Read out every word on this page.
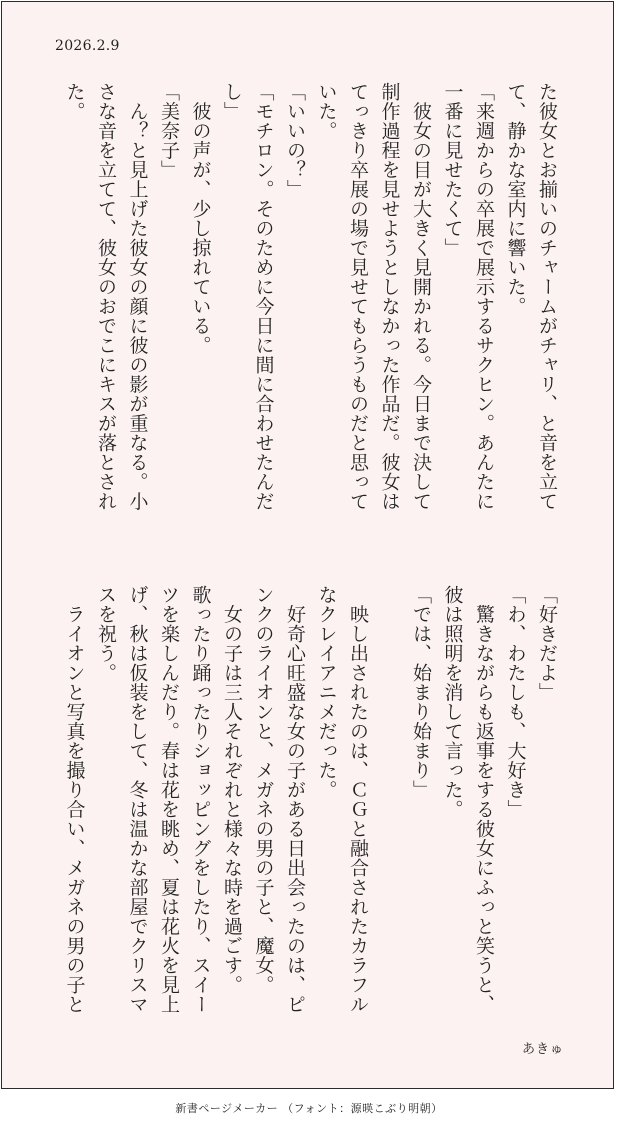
2026.2.9
た彼女とお揃いのチャームがチャリ、と音を立て
て、静かな室内に響いた。
「来週からの卒展で展示するサクヒン。あんたに
一番に見せたくて」
　彼女の目が大きく見開かれる。今日まで決して
制作過程を見せようとしなかった作品だ。彼女は
てっきり卒展の場で見せてもらうものだと思って
いた。
「いいの？」
「モチロン。そのために今日に間に合わせたんだ
し」
　彼の声が、少し掠れている。
「美奈子」
　ん？と見上げた彼女の顔に彼の影が重なる。小
さな音を立てて、彼女のおでこにキスが落とされ
た。
「好きだよ」
「わ、わたしも、大好き」
　驚きながらも返事をする彼女にふっと笑うと、
彼は照明を消して言った。
「では、始まり始まり」

　映し出されたのは、ＣＧと融合されたカラフル
なクレイアニメだった。
　好奇心旺盛な女の子がある日出会ったのは、ピ
ンクのライオンと、メガネの男の子と、魔女。
　女の子は三人それぞれと様々な時を過ごす。
歌ったり踊ったりショッピングをしたり、スイー
ツを楽しんだり。春は花を眺め、夏は花火を見上
げ、秋は仮装をして、冬は温かな部屋でクリスマ
スを祝う。
　ライオンと写真を撮り合い、メガネの男の子と
あきゅ
新書ページメーカー （フォント：源暎こぶり明朝）
